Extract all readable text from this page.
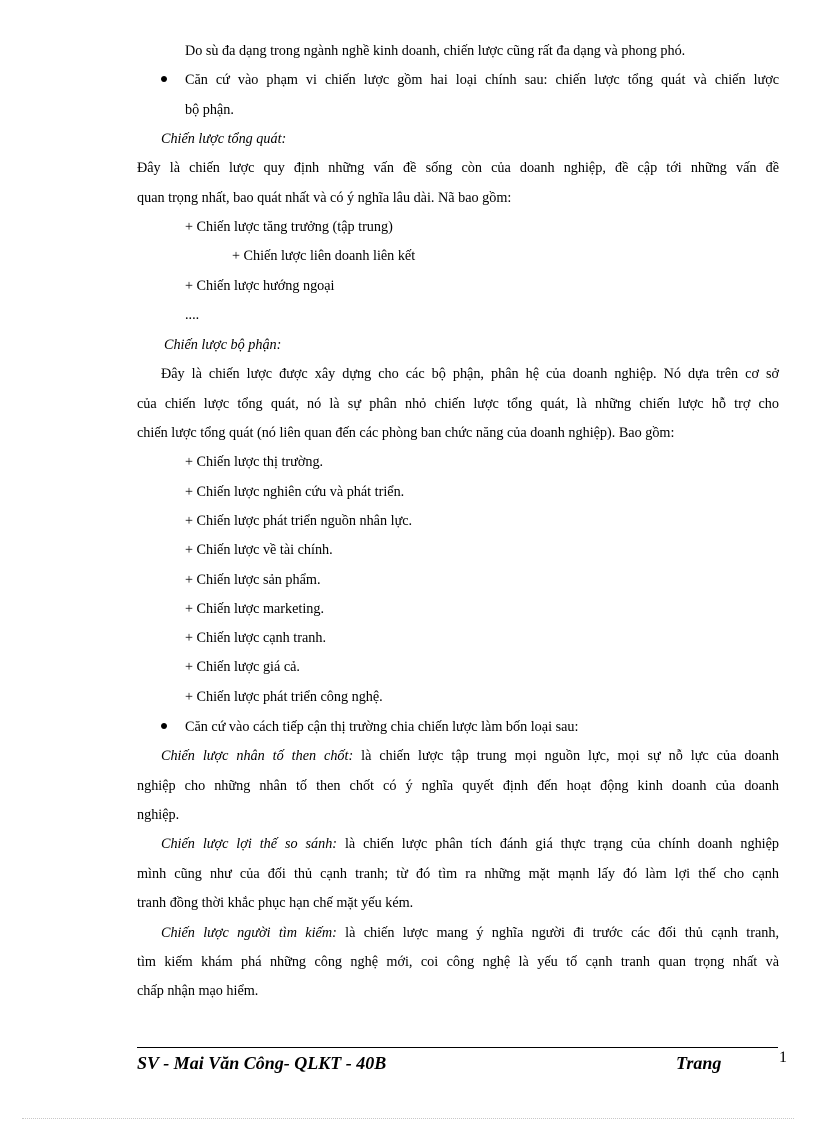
Do sù đa dạng trong ngành nghề kinh doanh, chiến lược cũng rất đa dạng và phong phó.
Căn cứ vào phạm vi chiến lược gồm hai loại chính sau: chiến lược tổng quát và chiến lược
bộ phận.
Chiến lược tổng quát:
Đây là chiến lược quy định những vấn đề sống còn của doanh nghiệp, đề cập tới những vấn đề
quan trọng nhất, bao quát nhất và có ý nghĩa lâu dài. Nã bao gồm:
+ Chiến lược tăng trưởng (tập trung)
+ Chiến lược liên doanh liên kết
+ Chiến lược hướng ngoại
....
Chiến lược bộ phận:
Đây là chiến lược được xây dựng cho các bộ phận, phân hệ của doanh nghiệp. Nó dựa trên cơ sở
của chiến lược tổng quát, nó là sự phân nhỏ chiến lược tổng quát, là những chiến lược hỗ trợ cho
chiến lược tổng quát (nó liên quan đến các phòng ban chức năng của doanh nghiệp). Bao gồm:
+ Chiến lược thị trường.
+ Chiến lược nghiên cứu và phát triển.
+ Chiến lược phát triển nguồn nhân lực.
+ Chiến lược về tài chính.
+ Chiến lược sản phẩm.
+ Chiến lược marketing.
+ Chiến lược cạnh tranh.
+ Chiến lược giá cả.
+ Chiến lược phát triển công nghệ.
Căn cứ vào cách tiếp cận thị trường chia chiến lược làm bốn loại sau:
Chiến lược nhân tố then chốt: là chiến lược tập trung mọi nguồn lực, mọi sự nỗ lực của doanh
nghiệp cho những nhân tố then chốt có ý nghĩa quyết định đến hoạt động kinh doanh của doanh
nghiệp.
Chiến lược lợi thế so sánh: là chiến lược phân tích đánh giá thực trạng của chính doanh nghiệp
mình cũng như của đối thủ cạnh tranh; từ đó tìm ra những mặt mạnh lấy đó làm lợi thế cho cạnh
tranh đồng thời khắc phục hạn chế mặt yếu kém.
Chiến lược người tìm kiếm: là chiến lược mang ý nghĩa người đi trước các đối thủ cạnh tranh,
tìm kiếm khám phá những công nghệ mới, coi công nghệ là yếu tố cạnh tranh quan trọng nhất và
chấp nhận mạo hiểm.
SV - Mai Văn Công- QLKT - 40B	Trang	1
